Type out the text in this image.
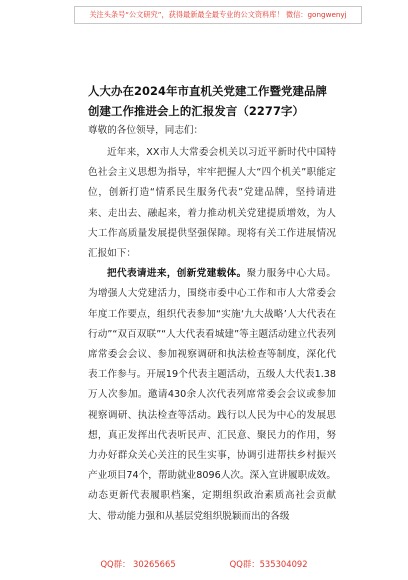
关注头条号“公文研究”，获得最新最全最专业的公文资料库！ 微信：gongwenyj

人大办在2024年市直机关党建工作暨党建品牌创建工作推进会上的汇报发言（2277字）

尊敬的各位领导，同志们：

近年来，XX市人大常委会机关以习近平新时代中国特色社会主义思想为指导，牢牢把握人大“四个机关”职能定位，创新打造“情系民生服务代表”党建品牌，坚持请进来、走出去、融起来，着力推动机关党建提质增效，为人大工作高质量发展提供坚强保障。现将有关工作进展情况汇报如下：

把代表请进来，创新党建载体。聚力服务中心大局。为增强人大党建活力，围绕市委中心工作和市人大常委会年度工作要点，组织代表参加“实施‘九大战略’人大代表在行动”“双百双联”“人大代表看城建”等主题活动建立代表列席常委会会议、参加视察调研和执法检查等制度，深化代表工作参与。开展19个代表主题活动，五级人大代表1.38万人次参加。邀请430余人次代表列席常委会会议或参加视察调研、执法检查等活动。践行以人民为中心的发展思想，真正发挥出代表听民声、汇民意、聚民力的作用，努力办好群众关心关注的民生实事，协调引进帮扶乡村振兴产业项目74个，帮助就业8096人次。深入宣讲履职成效。动态更新代表履职档案，定期组织政治素质高社会贡献大、带动能力强和从基层党组织脱颖而出的各级

QQ群： 30265665	QQ群：535304092
